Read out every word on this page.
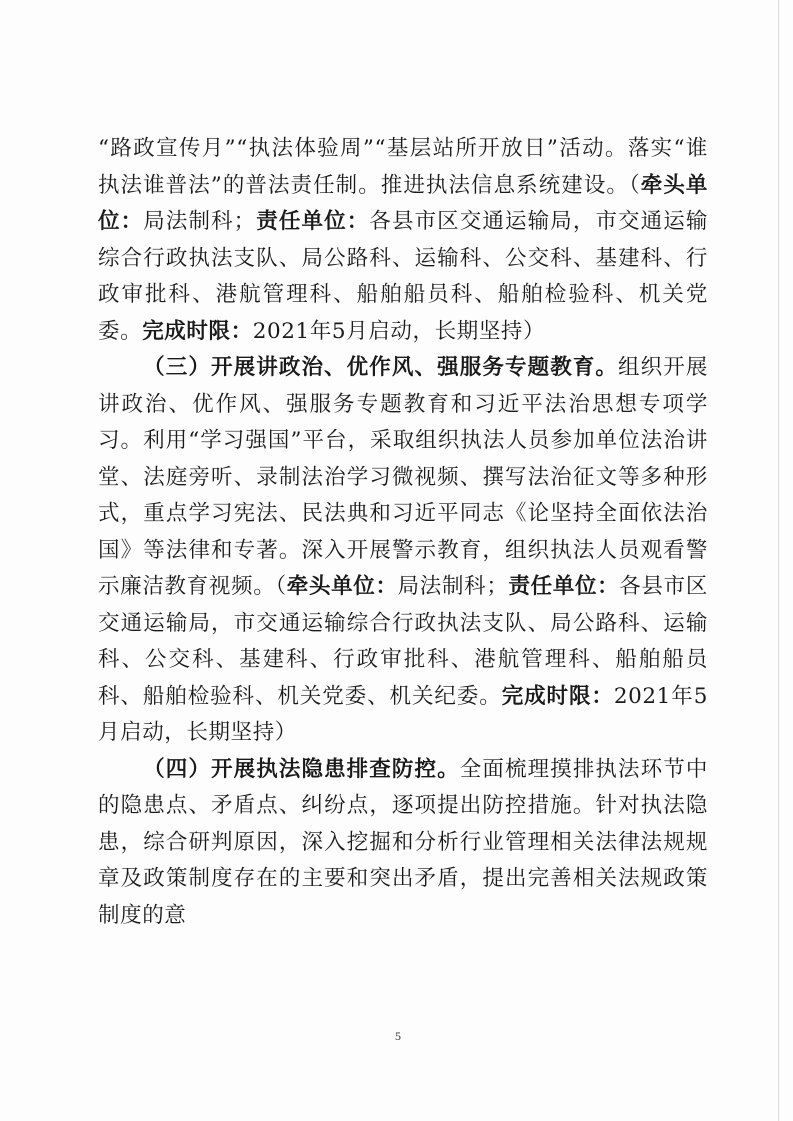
“路政宣传月”“执法体验周”“基层站所开放日”活动。落实“谁执法谁普法”的普法责任制。推进执法信息系统建设。（牵头单位：局法制科；责任单位：各县市区交通运输局，市交通运输综合行政执法支队、局公路科、运输科、公交科、基建科、行政审批科、港航管理科、船舶船员科、船舶检验科、机关党委。完成时限：2021年5月启动，长期坚持）

（三）开展讲政治、优作风、强服务专题教育。组织开展讲政治、优作风、强服务专题教育和习近平法治思想专项学习。利用“学习强国”平台，采取组织执法人员参加单位法治讲堂、法庭旁听、录制法治学习微视频、撰写法治征文等多种形式，重点学习宪法、民法典和习近平同志《论坚持全面依法治国》等法律和专著。深入开展警示教育，组织执法人员观看警示廉洁教育视频。（牵头单位：局法制科；责任单位：各县市区交通运输局，市交通运输综合行政执法支队、局公路科、运输科、公交科、基建科、行政审批科、港航管理科、船舶船员科、船舶检验科、机关党委、机关纪委。完成时限：2021年5月启动，长期坚持）

（四）开展执法隐患排查防控。全面梳理摸排执法环节中的隐患点、矛盾点、纠纷点，逐项提出防控措施。针对执法隐患，综合研判原因，深入挖掘和分析行业管理相关法律法规规章及政策制度存在的主要和突出矛盾，提出完善相关法规政策制度的意

5
